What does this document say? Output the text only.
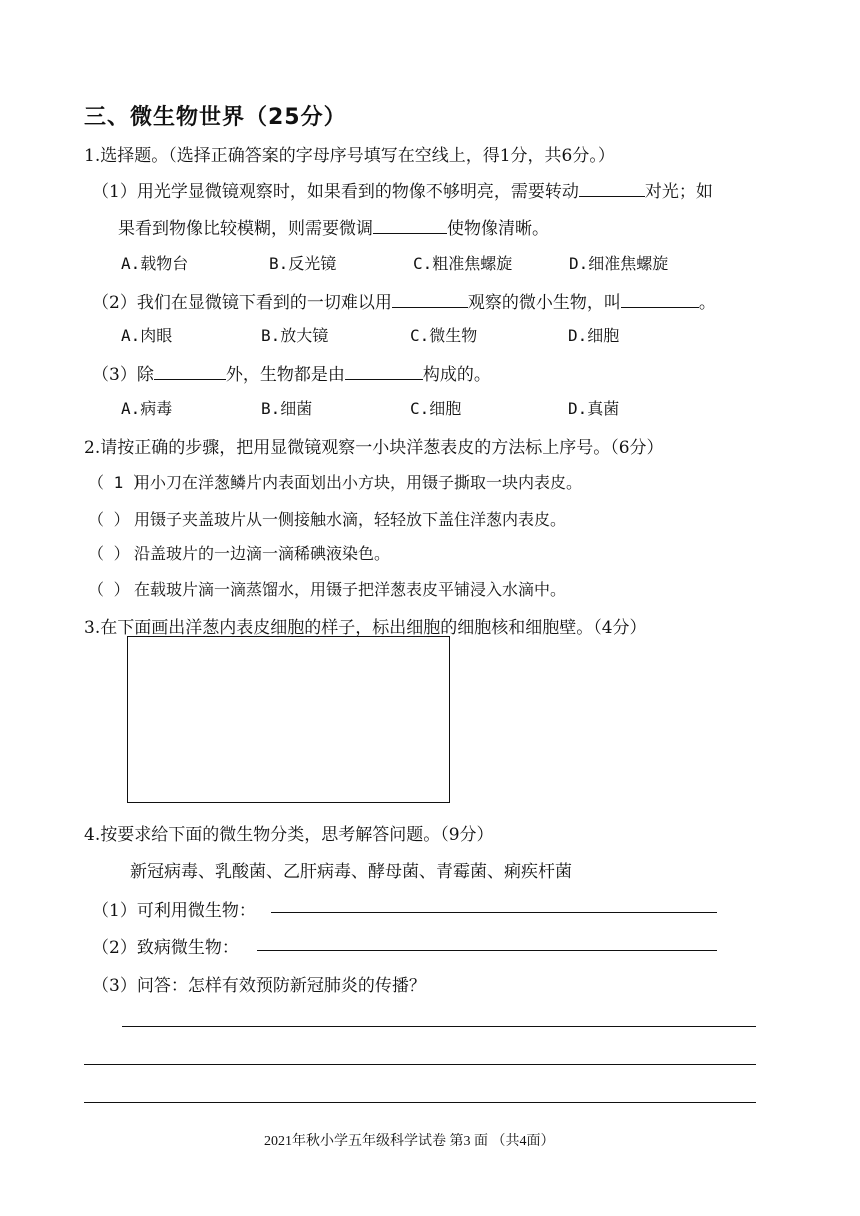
三、微生物世界（25分）
1.选择题。（选择正确答案的字母序号填写在空线上，得1分，共6分。）
（1）用光学显微镜观察时，如果看到的物像不够明亮，需要转动	对光；如
果看到物像比较模糊，则需要微调	使物像清晰。
A.载物台	B.反光镜	C.粗准焦螺旋	D.细准焦螺旋
（2）我们在显微镜下看到的一切难以用	观察的微小生物，叫	。
A.肉眼	B.放大镜	C.微生物	D.细胞
（3）除	外，生物都是由	构成的。
A.病毒	B.细菌	C.细胞	D.真菌
2.请按正确的步骤，把用显微镜观察一小块洋葱表皮的方法标上序号。（6分）
（ 1 ）用小刀在洋葱鳞片内表面划出小方块，用镊子撕取一块内表皮。
（ ） 用镊子夹盖玻片从一侧接触水滴，轻轻放下盖住洋葱内表皮。
（ ） 沿盖玻片的一边滴一滴稀碘液染色。
（ ） 在载玻片滴一滴蒸馏水，用镊子把洋葱表皮平铺浸入水滴中。
3.在下面画出洋葱内表皮细胞的样子，标出细胞的细胞核和细胞壁。（4分）
4.按要求给下面的微生物分类，思考解答问题。（9分）
新冠病毒、乳酸菌、乙肝病毒、酵母菌、青霉菌、痢疾杆菌
（1）可利用微生物：
（2）致病微生物：
（3）问答：怎样有效预防新冠肺炎的传播？
2021年秋小学五年级科学试卷 第3 面 （共4面）
